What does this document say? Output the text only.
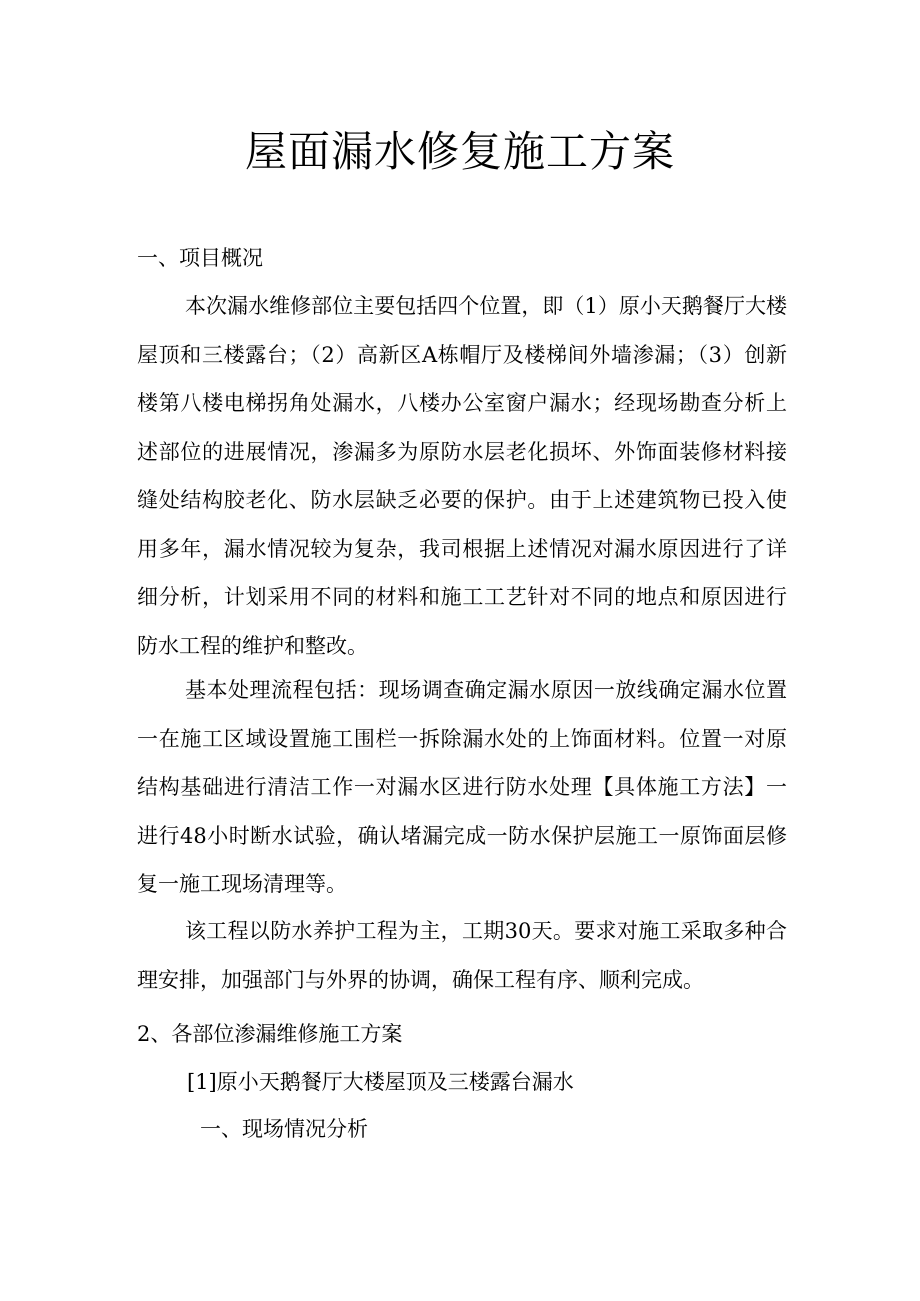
屋面漏水修复施工方案
一、项目概况

本次漏水维修部位主要包括四个位置，即（1）原小天鹅餐厅大楼屋顶和三楼露台；（2）高新区A栋帽厅及楼梯间外墙渗漏；（3）创新楼第八楼电梯拐角处漏水，八楼办公室窗户漏水；经现场勘查分析上述部位的进展情况，渗漏多为原防水层老化损坏、外饰面装修材料接缝处结构胶老化、防水层缺乏必要的保护。由于上述建筑物已投入使用多年，漏水情况较为复杂，我司根据上述情况对漏水原因进行了详细分析，计划采用不同的材料和施工工艺针对不同的地点和原因进行防水工程的维护和整改。

基本处理流程包括：现场调查确定漏水原因一放线确定漏水位置一在施工区域设置施工围栏一拆除漏水处的上饰面材料。位置一对原结构基础进行清洁工作一对漏水区进行防水处理【具体施工方法】一进行48小时断水试验，确认堵漏完成一防水保护层施工一原饰面层修复一施工现场清理等。

该工程以防水养护工程为主，工期30天。要求对施工采取多种合理安排，加强部门与外界的协调，确保工程有序、顺利完成。

2、各部位渗漏维修施工方案
[1]原小天鹅餐厅大楼屋顶及三楼露台漏水
一、现场情况分析
